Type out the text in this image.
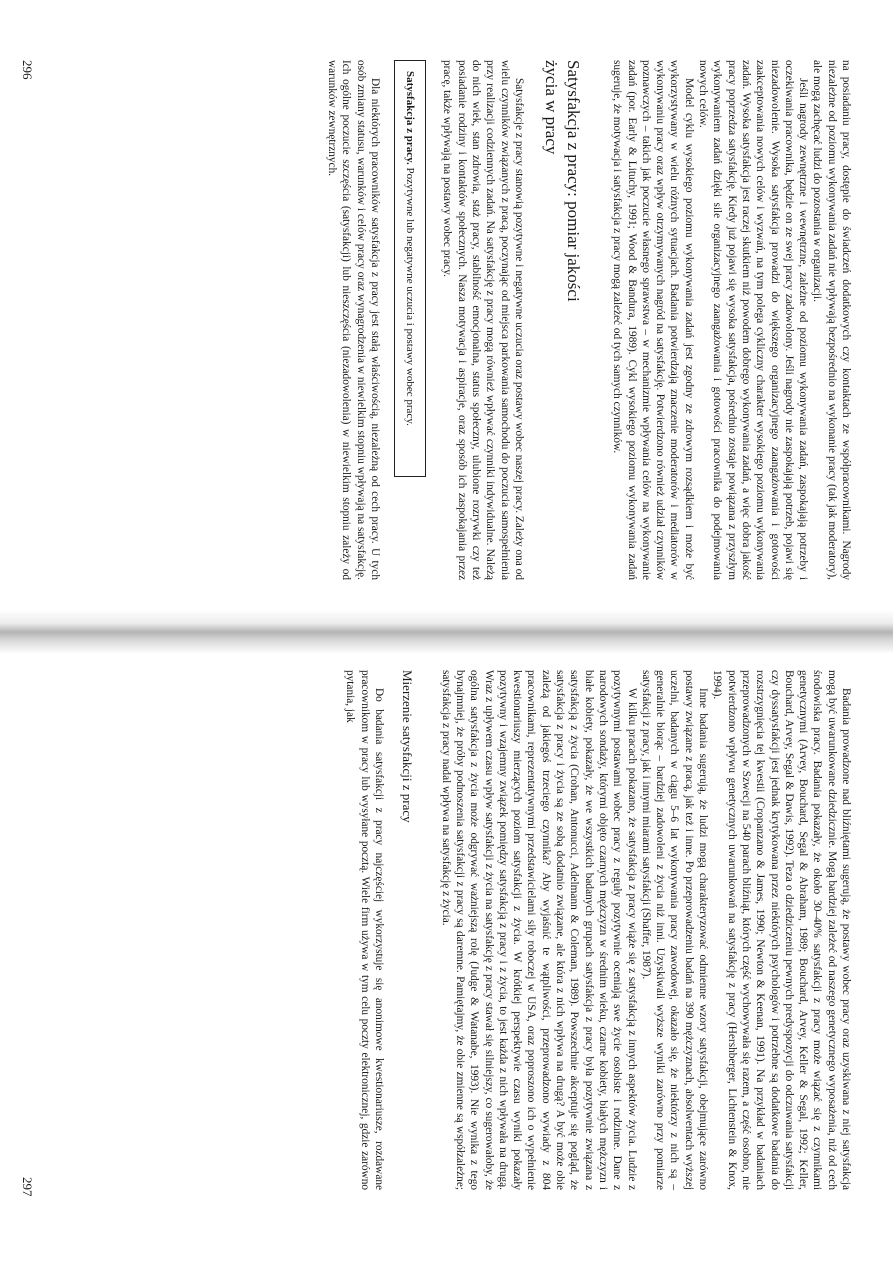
na posiadaniu pracy, dostępie do świadczeń dodatkowych czy kontaktach ze współpracownikami. Nagrody niezależne od poziomu wykonywania zadań nie wpływają bezpośrednio na wykonanie pracy (tak jak moderatory), ale mogą zachęcać ludzi do pozostania w organizacji.

Jeśli nagrody zewnętrzne i wewnętrzne, zależne od poziomu wykonywania zadań, zaspokajają potrzeby i oczekiwania pracownika, będzie on ze swej pracy zadowolony. Jeśli nagrody nie zaspokajają potrzeb, pojawi się niezadowolenie. Wysoka satysfakcja prowadzi do większego organizacyjnego zaangażowania i gotowości zaakceptowania nowych celów i wyzwań, na tym polega cykliczny charakter wysokiego poziomu wykonywania zadań. Wysoka satysfakcja jest raczej skutkiem niż powodem dobrego wykonywania zadań, a więc dobra jakość pracy poprzedza satysfakcję. Kiedy już pojawi się wysoka satysfakcja, pośrednio zostaje powiązana z przyszłym wykonywaniem zadań dzięki sile organizacyjnego zaangażowania i gotowości pracownika do podejmowania nowych celów.

Model cyklu wysokiego poziomu wykonywania zadań jest zgodny ze zdrowym rozsądkiem i może być wykorzystywany w wielu różnych sytuacjach. Badania potwierdzają znaczenie moderatorów i mediatorów w wykonywaniu pracy oraz wpływ otrzymywanych nagród na satysfakcję. Potwierdzono również udział czynników poznawczych – takich jak poczucie własnego sprawstwa – w mechanizmie wpływania celów na wykonywanie zadań (por. Early & Lituchy, 1991; Wood & Bandura, 1989). Cykl wysokiego poziomu wykonywania zadań sugeruje, że motywacja i satysfakcja z pracy mogą zależeć od tych samych czynników.

Satysfakcja z pracy: pomiar jakości
życia w pracy

Satysfakcje z pracy stanowią pozytywne i negatywne uczucia oraz postawy wobec naszej pracy. Zależy ona od wielu czynników związanych z pracą, poczynając od miejsca parkowania samochodu do poczucia samospełnienia przy realizacji codziennych zadań. Na satysfakcję z pracy mogą również wpływać czynniki indywidualne. Należą do nich wiek, stan zdrowia, staż pracy, stabilność emocjonalna, status społeczny, ulubione rozrywki czy też posiadanie rodziny i kontaktów społecznych. Nasza motywacja i aspiracje, oraz sposób ich zaspokajania przez pracę, także wpływają na postawy wobec pracy.

Satysfakcja z pracy. Pozytywne lub negatywne uczucia i postawy wobec pracy.

Dla niektórych pracowników satysfakcja z pracy jest stałą właściwością, niezależną od cech pracy. U tych osób zmiany statusu, warunków i celów pracy oraz wynagrodzenia w niewielkim stopniu wpływają na satysfakcję. Ich ogólne poczucie szczęścia (satysfakcji) lub nieszczęścia (niezadowolenia) w niewielkim stopniu zależy od warunków zewnętrznych.

296

Badania prowadzone nad bliźniętami sugerują, że postawy wobec pracy oraz uzyskiwana z niej satysfakcja mogą być uwarunkowane dziedzicznie. Mogą bardziej zależeć od naszego genetycznego wyposażenia, niż od cech środowiska pracy. Badania pokazały, że około 30–40% satysfakcji z pracy może wiązać się z czynnikami genetycznymi (Arvey, Bouchard, Segal & Abraham, 1989; Bouchard, Arvey, Keller & Segal, 1992; Keller, Bouchard, Arvey, Segal & Dawis, 1992). Teza o dziedziczeniu pewnych predyspozycji do odczuwania satysfakcji czy dyssatysfakcji jest jednak krytykowana przez niektórych psychologów i potrzebne są dodatkowe badania do rozstrzygnięcia tej kwestii (Cropanzano & James, 1990; Newton & Keenan, 1991). Na przykład w badaniach przeprowadzonych w Szwecji na 540 parach bliźniąt, których część wychowywała się razem, a część osobno, nie potwierdzono wpływu genetycznych uwarunkowań na satysfakcję z pracy (Hershberger, Lichtenstein & Knox, 1994).

Inne badania sugerują, że ludzi mogą charakteryzować odmienne wzory satysfakcji, obejmujące zarówno postawy związane z pracą, jak też i inne. Po przeprowadzeniu badań na 390 mężczyznach, absolwentach wyższej uczelni, badanych w ciągu 5–6 lat wykonywania pracy zawodowej, okazało się, że niektórzy z nich są – generalnie biorąc – bardziej zadowoleni z życia niż inni. Uzyskiwali wyższe wyniki zarówno przy pomiarze satysfakcji z pracy, jak i innymi miarami satysfakcji (Shaffer, 1987).

W kilku pracach pokazano, że satysfakcja z pracy wiąże się z satysfakcją z innych aspektów życia. Ludzie z pozytywnymi postawami wobec pracy z reguły pozytywnie oceniają swe życie osobiste i rodzinne. Dane z narodowych sondaży, którymi objęto czarnych mężczyzn w średnim wieku, czarne kobiety, białych mężczyzn i białe kobiety, pokazały, że we wszystkich badanych grupach satysfakcja z pracy była pozytywnie związana z satysfakcją z życia (Crohan, Antonucci, Adelmann & Coleman, 1989). Powszechnie akceptuje się pogląd, że satysfakcja z pracy i życia są ze sobą dodatnio związane, ale która z nich wpływa na drugą? A być może obie zależą od jakiegoś trzeciego czynnika? Aby wyjaśnić te wątpliwości, przeprowadzono wywiady z 804 pracownikami, reprezentatywnymi przedstawicielami siły roboczej w USA, oraz poproszono ich o wypełnienie kwestionariuszy mierzących poziom satysfakcji z życia. W krótkiej perspektywie czasu wyniki pokazały pozytywny i wzajemny związek pomiędzy satysfakcją z pracy i z życia, to jest każda z nich wpływała na drugą. Wraz z upływem czasu wpływ satysfakcji z życia na satysfakcję z pracy stawał się silniejszy, co sugerowałoby, że ogólna satysfakcja z życia może odgrywać ważniejszą rolę (Judge & Watanabe, 1993). Nie wynika z tego bynajmniej, że próby podnoszenia satysfakcji z pracy są daremne. Pamiętajmy, że obie zmienne są współzależne; satysfakcja z pracy nadal wpływa na satysfakcję z życia.

Mierzenie satysfakcji z pracy

Do badania satysfakcji z pracy najczęściej wykorzystuje się anonimowe kwestionariusze, rozdawane pracownikom w pracy lub wysyłane pocztą. Wiele firm używa w tym celu poczty elektronicznej, gdzie zarówno pytania, jak

297
